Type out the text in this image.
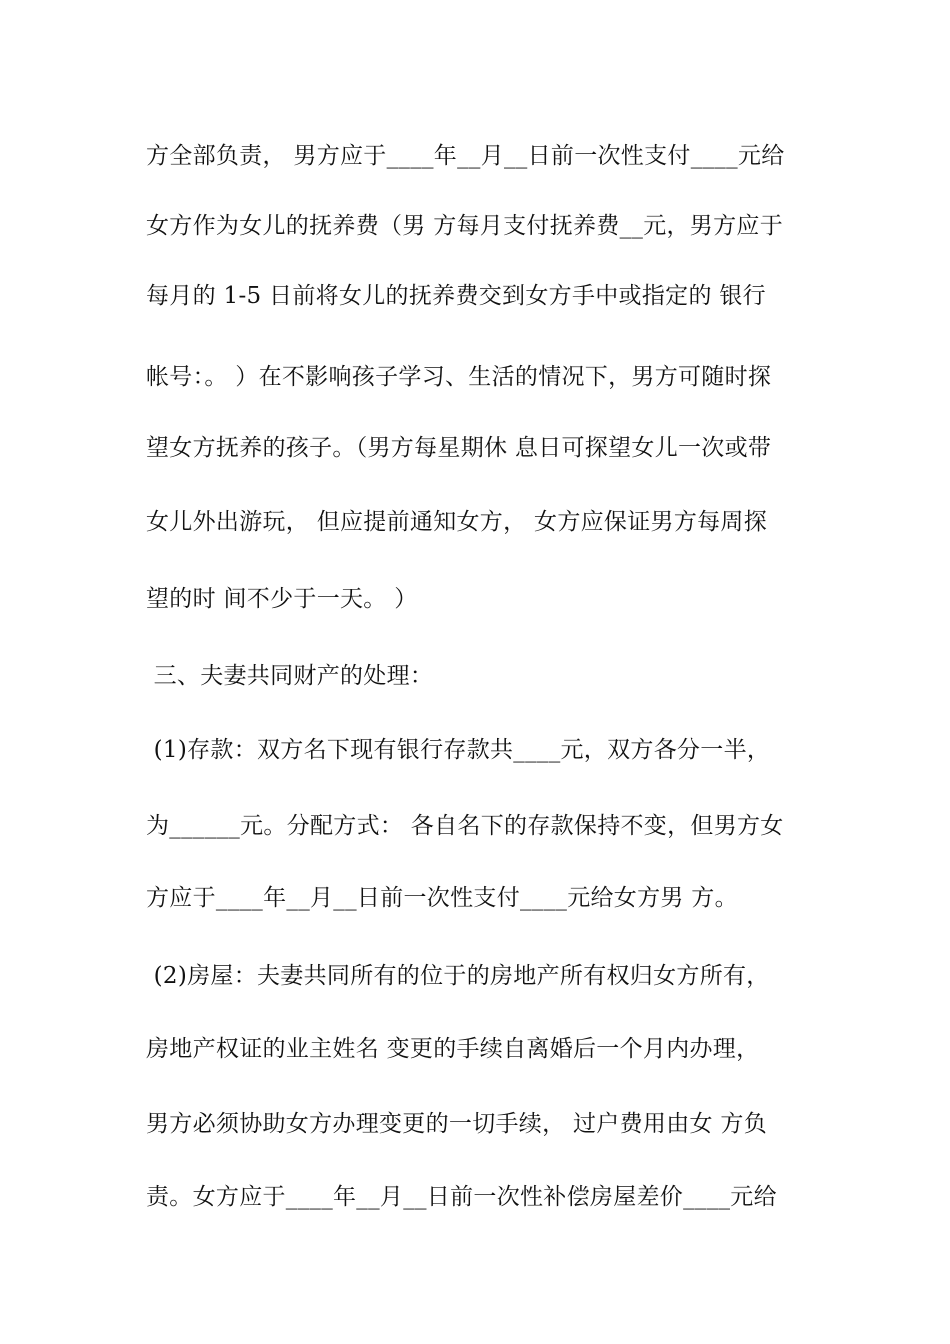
方全部负责， 男方应于____年__月__日前一次性支付____元给
女方作为女儿的抚养费（男 方每月支付抚养费__元，男方应于
每月的 1-5 日前将女儿的抚养费交到女方手中或指定的 银行
帐号：。 ）在不影响孩子学习、生活的情况下，男方可随时探
望女方抚养的孩子。（男方每星期休 息日可探望女儿一次或带
女儿外出游玩， 但应提前通知女方， 女方应保证男方每周探
望的时 间不少于一天。 ）
三、夫妻共同财产的处理：
(1)存款：双方名下现有银行存款共____元，双方各分一半，
为______元。分配方式： 各自名下的存款保持不变，但男方女
方应于____年__月__日前一次性支付____元给女方男 方。
(2)房屋：夫妻共同所有的位于的房地产所有权归女方所有，
房地产权证的业主姓名 变更的手续自离婚后一个月内办理，
男方必须协助女方办理变更的一切手续， 过户费用由女 方负
责。女方应于____年__月__日前一次性补偿房屋差价____元给
